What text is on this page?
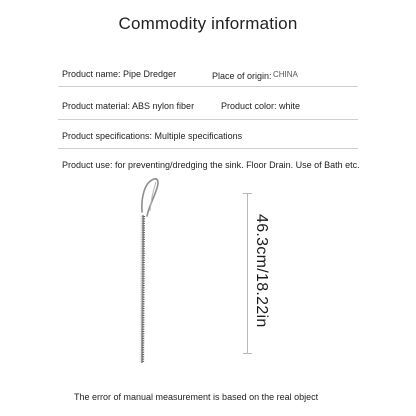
Commodity information
Product name: Pipe Dredger	Place of origin: CHINA
Product material: ABS nylon fiber	Product color: white
Product specifications: Multiple specifications
Product use: for preventing/dredging the sink. Floor Drain. Use of Bath etc.
46.3cm/18.22in
The error of manual measurement is based on the real object
